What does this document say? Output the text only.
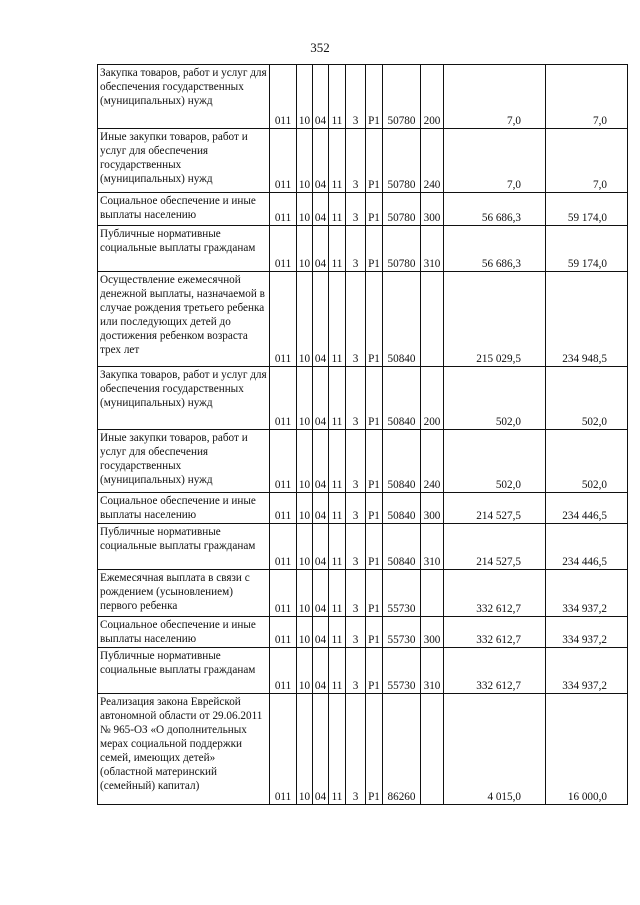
352
Закупка товаров, работ и услуг для обеспечения государственных (муниципальных) нужд	011	10	04	11	3	P1	50780	200	7,0	7,0
Иные закупки товаров, работ и услуг для обеспечения государственных (муниципальных) нужд	011	10	04	11	3	P1	50780	240	7,0	7,0
Социальное обеспечение и иные выплаты населению	011	10	04	11	3	P1	50780	300	56 686,3	59 174,0
Публичные нормативные социальные выплаты гражданам	011	10	04	11	3	P1	50780	310	56 686,3	59 174,0
Осуществление ежемесячной денежной выплаты, назначаемой в случае рождения третьего ребенка или последующих детей до достижения ребенком возраста трех лет	011	10	04	11	3	P1	50840		215 029,5	234 948,5
Закупка товаров, работ и услуг для обеспечения государственных (муниципальных) нужд	011	10	04	11	3	P1	50840	200	502,0	502,0
Иные закупки товаров, работ и услуг для обеспечения государственных (муниципальных) нужд	011	10	04	11	3	P1	50840	240	502,0	502,0
Социальное обеспечение и иные выплаты населению	011	10	04	11	3	P1	50840	300	214 527,5	234 446,5
Публичные нормативные социальные выплаты гражданам	011	10	04	11	3	P1	50840	310	214 527,5	234 446,5
Ежемесячная выплата в связи с рождением (усыновлением) первого ребенка	011	10	04	11	3	P1	55730		332 612,7	334 937,2
Социальное обеспечение и иные выплаты населению	011	10	04	11	3	P1	55730	300	332 612,7	334 937,2
Публичные нормативные социальные выплаты гражданам	011	10	04	11	3	P1	55730	310	332 612,7	334 937,2
Реализация закона Еврейской автономной области от 29.06.2011 № 965-ОЗ «О дополнительных мерах социальной поддержки семей, имеющих детей» (областной материнский (семейный) капитал)	011	10	04	11	3	P1	86260		4 015,0	16 000,0
